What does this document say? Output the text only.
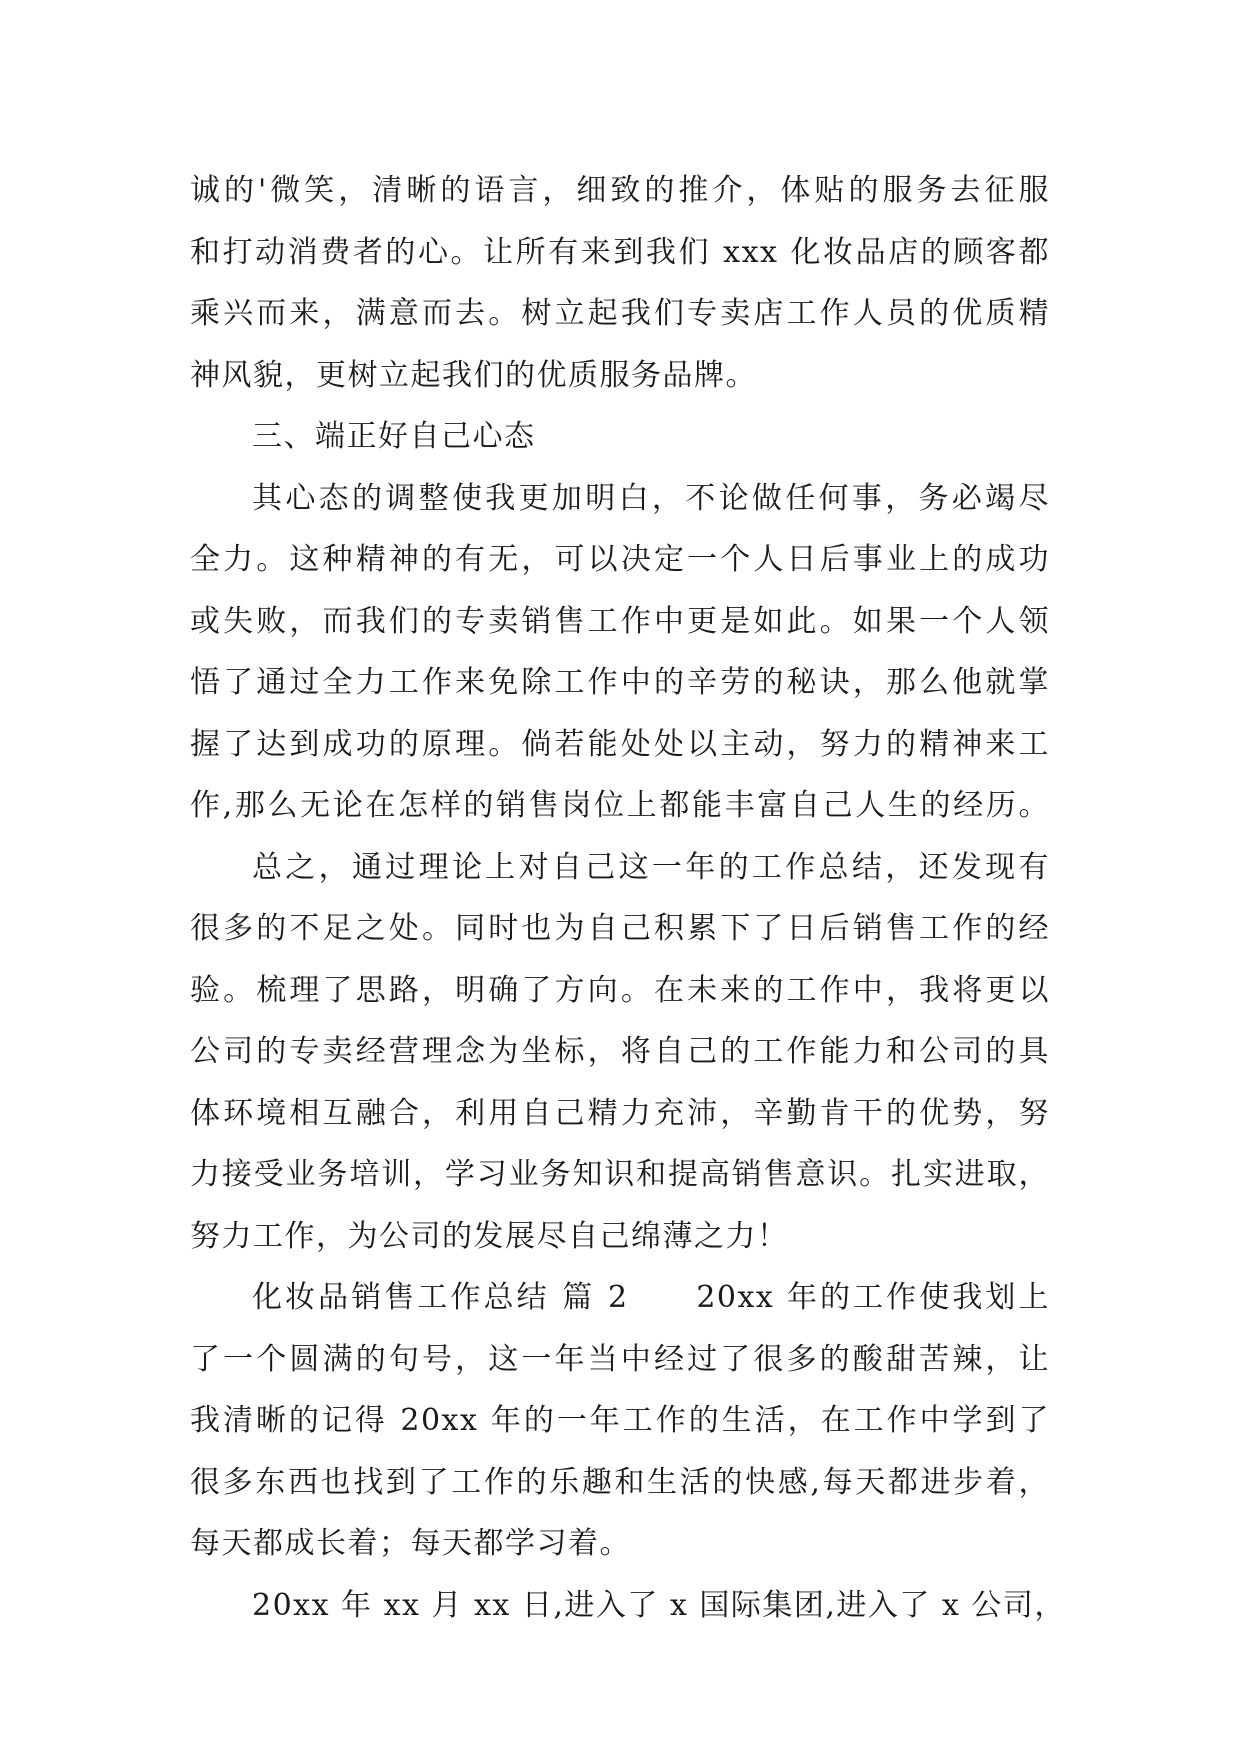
诚的'微笑，清晰的语言，细致的推介，体贴的服务去征服
和打动消费者的心。让所有来到我们 xxx 化妆品店的顾客都
乘兴而来，满意而去。树立起我们专卖店工作人员的优质精
神风貌，更树立起我们的优质服务品牌。
三、端正好自己心态
其心态的调整使我更加明白，不论做任何事，务必竭尽
全力。这种精神的有无，可以决定一个人日后事业上的成功
或失败，而我们的专卖销售工作中更是如此。如果一个人领
悟了通过全力工作来免除工作中的辛劳的秘诀，那么他就掌
握了达到成功的原理。倘若能处处以主动，努力的精神来工
作,那么无论在怎样的销售岗位上都能丰富自己人生的经历。
总之，通过理论上对自己这一年的工作总结，还发现有
很多的不足之处。同时也为自己积累下了日后销售工作的经
验。梳理了思路，明确了方向。在未来的工作中，我将更以
公司的专卖经营理念为坐标，将自己的工作能力和公司的具
体环境相互融合，利用自己精力充沛，辛勤肯干的优势，努
力接受业务培训，学习业务知识和提高销售意识。扎实进取，
努力工作，为公司的发展尽自己绵薄之力！
化妆品销售工作总结 篇 2　　20xx 年的工作使我划上
了一个圆满的句号，这一年当中经过了很多的酸甜苦辣，让
我清晰的记得 20xx 年的一年工作的生活，在工作中学到了
很多东西也找到了工作的乐趣和生活的快感,每天都进步着，
每天都成长着；每天都学习着。
20xx 年 xx 月 xx 日,进入了 x 国际集团,进入了 x 公司，
